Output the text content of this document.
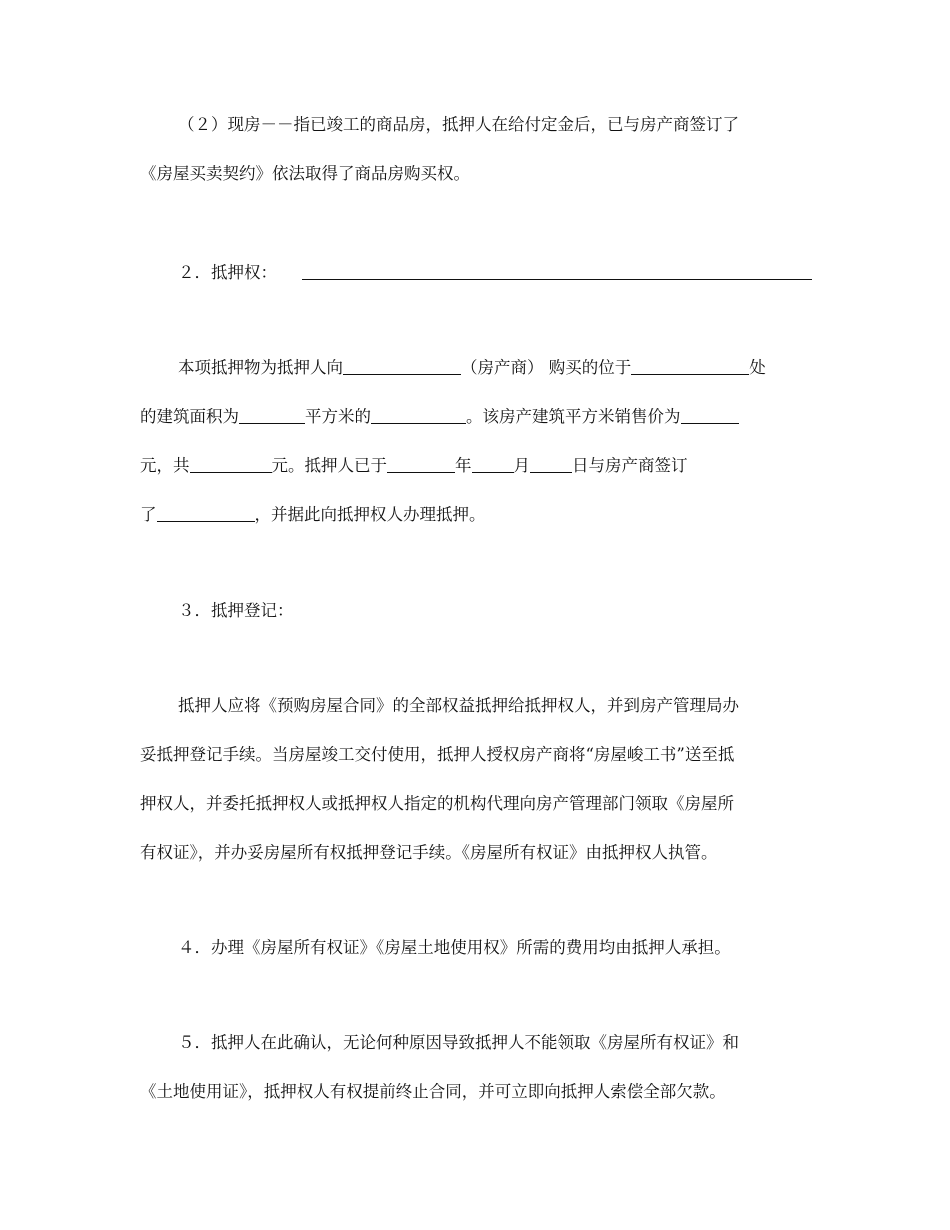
（２）现房－－指已竣工的商品房，抵押人在给付定金后，已与房产商签订了
《房屋买卖契约》依法取得了商品房购买权。
２．抵押权：
本项抵押物为抵押人向	（房产商） 购买的位于	处
的建筑面积为	平方米的	。该房产建筑平方米销售价为
元，共	元。抵押人已于	年	月	日与房产商签订
了	，并据此向抵押权人办理抵押。
３．抵押登记：
抵押人应将《预购房屋合同》的全部权益抵押给抵押权人，并到房产管理局办
妥抵押登记手续。当房屋竣工交付使用，抵押人授权房产商将“房屋峻工书”送至抵
押权人，并委托抵押权人或抵押权人指定的机构代理向房产管理部门领取《房屋所
有权证》，并办妥房屋所有权抵押登记手续。《房屋所有权证》由抵押权人执管。
４．办理《房屋所有权证》《房屋土地使用权》所需的费用均由抵押人承担。
５．抵押人在此确认，无论何种原因导致抵押人不能领取《房屋所有权证》和
《土地使用证》，抵押权人有权提前终止合同，并可立即向抵押人索偿全部欠款。
